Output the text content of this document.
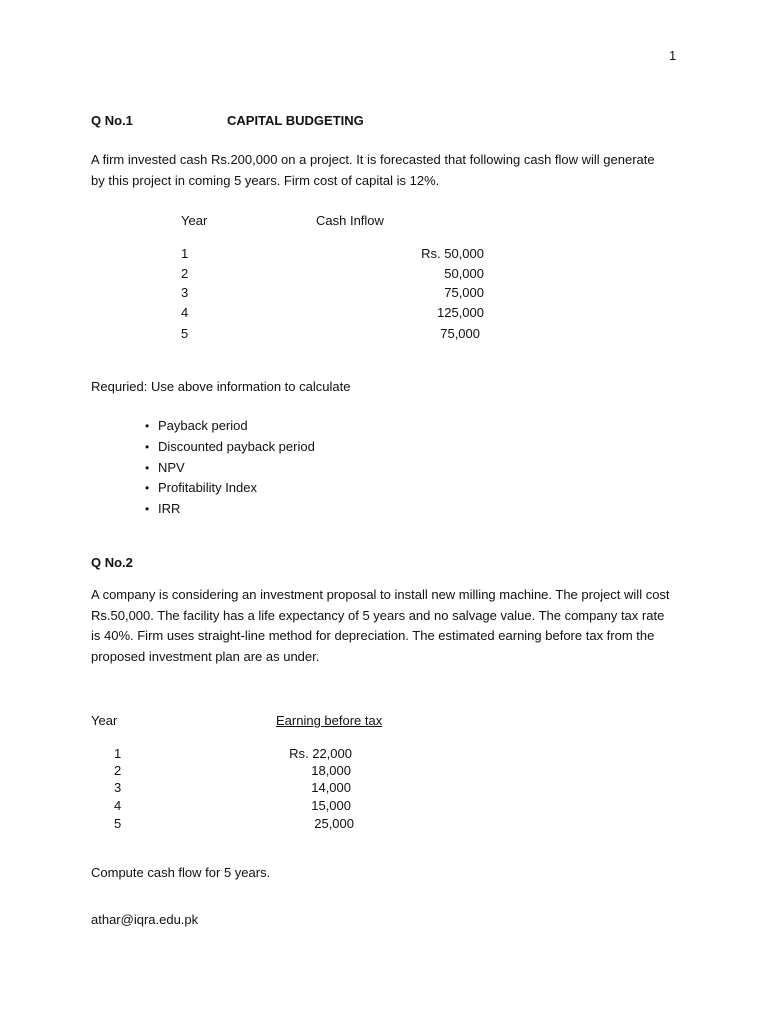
1
Q No.1	CAPITAL BUDGETING
A firm invested cash Rs.200,000 on a project. It is forecasted that following cash flow will generate by this project in coming 5 years. Firm cost of capital is 12%.
Year	Cash Inflow
1	Rs. 50,000
2	50,000
3	75,000
4	125,000
5	75,000
Requried: Use above information to calculate
• Payback period
• Discounted payback period
• NPV
• Profitability Index
• IRR
Q No.2
A company is considering an investment proposal to install new milling machine. The project will cost Rs.50,000. The facility has a life expectancy of 5 years and no salvage value. The company tax rate is 40%. Firm uses straight-line method for depreciation. The estimated earning before tax from the proposed investment plan are as under.
Year	Earning before tax
1	Rs. 22,000
2	18,000
3	14,000
4	15,000
5	25,000
Compute cash flow for 5 years.
athar@iqra.edu.pk
